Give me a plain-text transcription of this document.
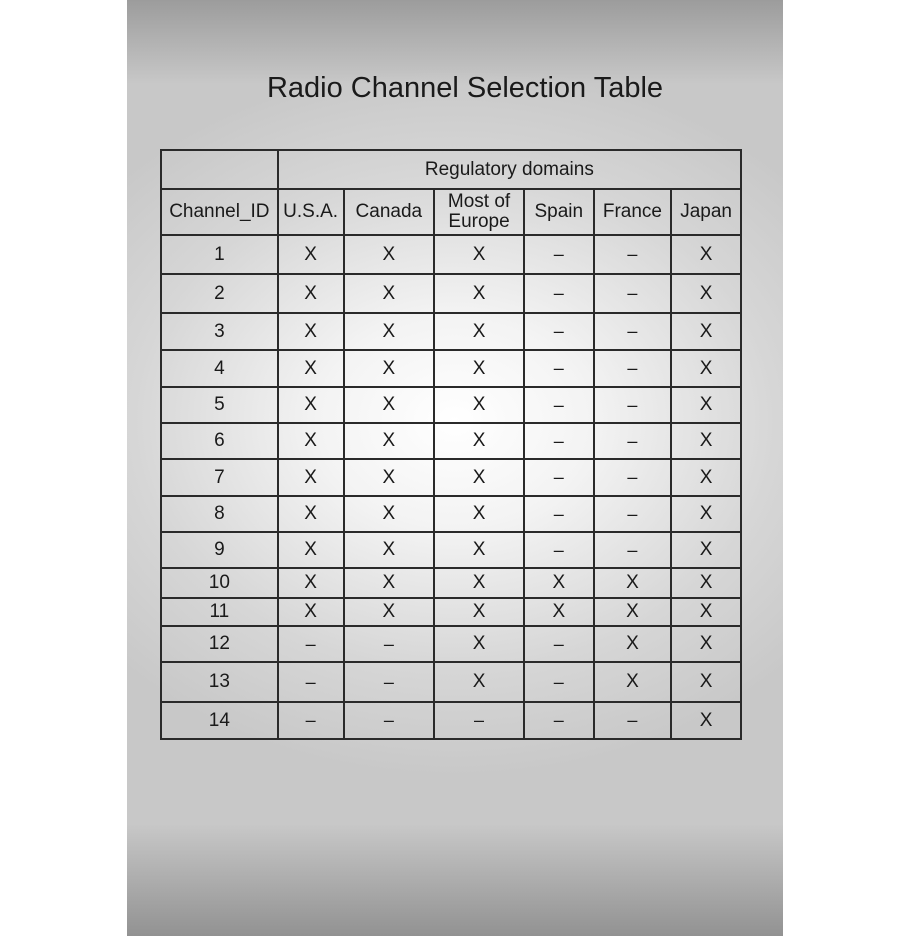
Radio Channel Selection Table
	Regulatory domains					
Channel_ID	U.S.A.	Canada	Most of Europe	Spain	France	Japan
1	X	X	X	–	–	X
2	X	X	X	–	–	X
3	X	X	X	–	–	X
4	X	X	X	–	–	X
5	X	X	X	–	–	X
6	X	X	X	–	–	X
7	X	X	X	–	–	X
8	X	X	X	–	–	X
9	X	X	X	–	–	X
10	X	X	X	X	X	X
11	X	X	X	X	X	X
12	–	–	X	–	X	X
13	–	–	X	–	X	X
14	–	–	–	–	–	X
